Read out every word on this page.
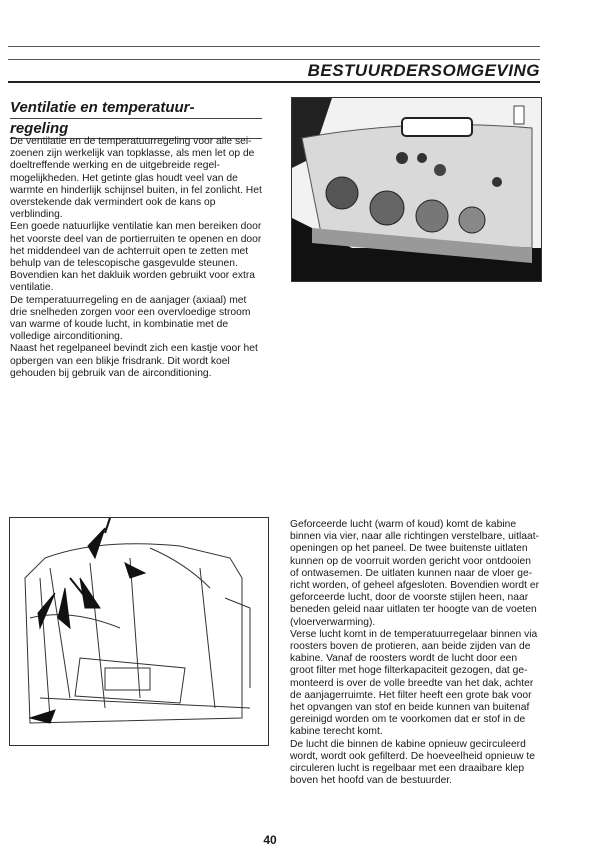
BESTUURDERSOMGEVING
Ventilatie en temperatuur-
regeling

De ventilatie en de temperatuurregeling voor alle sei-zoenen zijn werkelijk van topklasse, als men let op de doeltreffende werking en de uitgebreide regel-mogelijkheden. Het getinte glas houdt veel van de warmte en hinderlijk schijnsel buiten, in fel zonlicht. Het overstekende dak vermindert ook de kans op verblinding.

Een goede natuurlijke ventilatie kan men bereiken door het voorste deel van de portierruiten te openen en door het middendeel van de achterruit open te zetten met behulp van de telescopische gasgevulde steunen. Bovendien kan het dakluik worden gebruikt voor extra ventilatie.

De temperatuurregeling en de aanjager (axiaal) met drie snelheden zorgen voor een overvloedige stroom van warme of koude lucht, in kombinatie met de volledige airconditioning.

Naast het regelpaneel bevindt zich een kastje voor het opbergen van een blikje frisdrank. Dit wordt koel gehouden bij gebruik van de airconditioning.

Geforceerde lucht (warm of koud) komt de kabine binnen via vier, naar alle richtingen verstelbare, uitlaat-openingen op het paneel. De twee buitenste uitlaten kunnen op de voorruit worden gericht voor ontdooien of ontwasemen. De uitlaten kunnen naar de vloer ge-richt worden, of geheel afgesloten. Bovendien wordt er geforceerde lucht, door de voorste stijlen heen, naar beneden geleid naar uitlaten ter hoogte van de voeten (vloerverwarming).

Verse lucht komt in de temperatuurregelaar binnen via roosters boven de protieren, aan beide zijden van de kabine. Vanaf de roosters wordt de lucht door een groot filter met hoge filterkapaciteit gezogen, dat ge-monteerd is over de volle breedte van het dak, achter de aanjagerruimte. Het filter heeft een grote bak voor het opvangen van stof en beide kunnen van buitenaf gereinigd worden om te voorkomen dat er stof in de kabine terecht komt.

De lucht die binnen de kabine opnieuw gecirculeerd wordt, wordt ook gefilterd. De hoeveelheid opnieuw te circuleren lucht is regelbaar met een draaibare klep boven het hoofd van de bestuurder.

40
